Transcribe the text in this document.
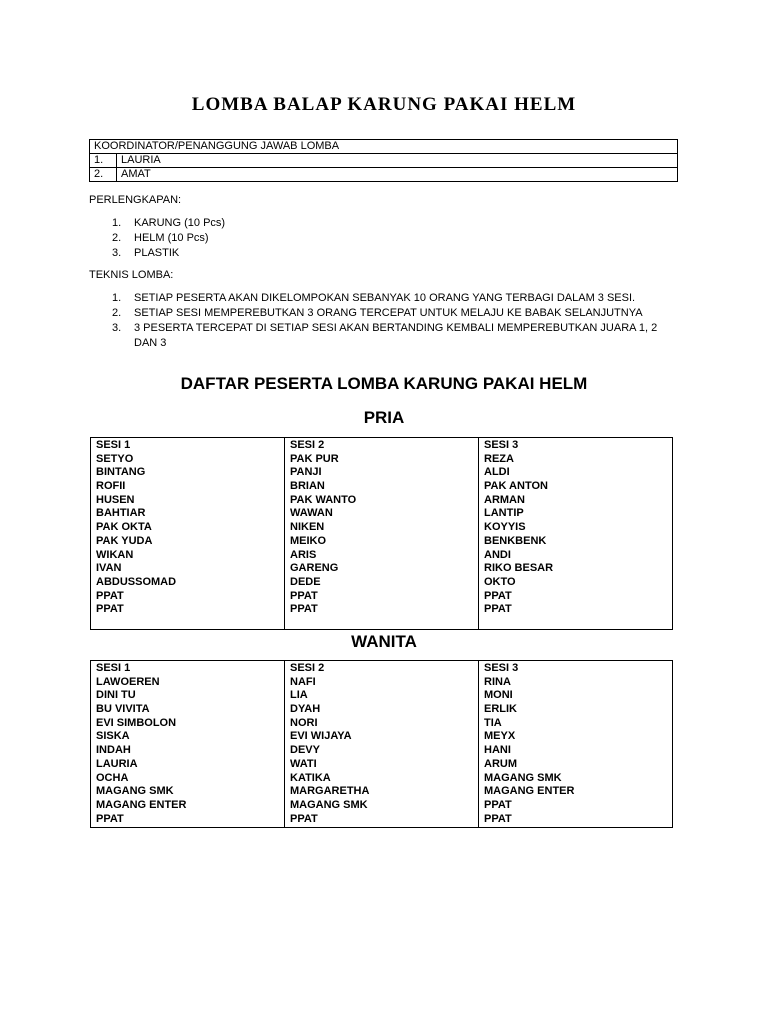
LOMBA BALAP KARUNG PAKAI HELM
KOORDINATOR/PENANGGUNG JAWAB LOMBA	
1.	LAURIA
2.	AMAT
PERLENGKAPAN:
1. KARUNG (10 Pcs)
2. HELM (10 Pcs)
3. PLASTIK
TEKNIS LOMBA:
1. SETIAP PESERTA AKAN DIKELOMPOKAN SEBANYAK 10 ORANG YANG TERBAGI DALAM 3 SESI.
2. SETIAP SESI MEMPEREBUTKAN 3 ORANG TERCEPAT UNTUK MELAJU KE BABAK SELANJUTNYA
3. 3 PESERTA TERCEPAT DI SETIAP SESI AKAN BERTANDING KEMBALI MEMPEREBUTKAN JUARA 1, 2 DAN 3
DAFTAR PESERTA LOMBA KARUNG PAKAI HELM
PRIA
SESI 1
SETYO
BINTANG
ROFII
HUSEN
BAHTIAR
PAK OKTA
PAK YUDA
WIKAN
IVAN
ABDUSSOMAD
PPAT
PPAT

SESI 2
PAK PUR
PANJI
BRIAN
PAK WANTO
WAWAN
NIKEN
MEIKO
ARIS
GARENG
DEDE
PPAT
PPAT

SESI 3
REZA
ALDI
PAK ANTON
ARMAN
LANTIP
KOYYIS
BENKBENK
ANDI
RIKO BESAR
OKTO
PPAT
PPAT
WANITA
SESI 1
LAWOEREN
DINI TU
BU VIVITA
EVI SIMBOLON
SISKA
INDAH
LAURIA
OCHA
MAGANG SMK
MAGANG ENTER
PPAT

SESI 2
NAFI
LIA
DYAH
NORI
EVI WIJAYA
DEVY
WATI
KATIKA
MARGARETHA
MAGANG SMK
PPAT

SESI 3
RINA
MONI
ERLIK
TIA
MEYX
HANI
ARUM
MAGANG SMK
MAGANG ENTER
PPAT
PPAT
